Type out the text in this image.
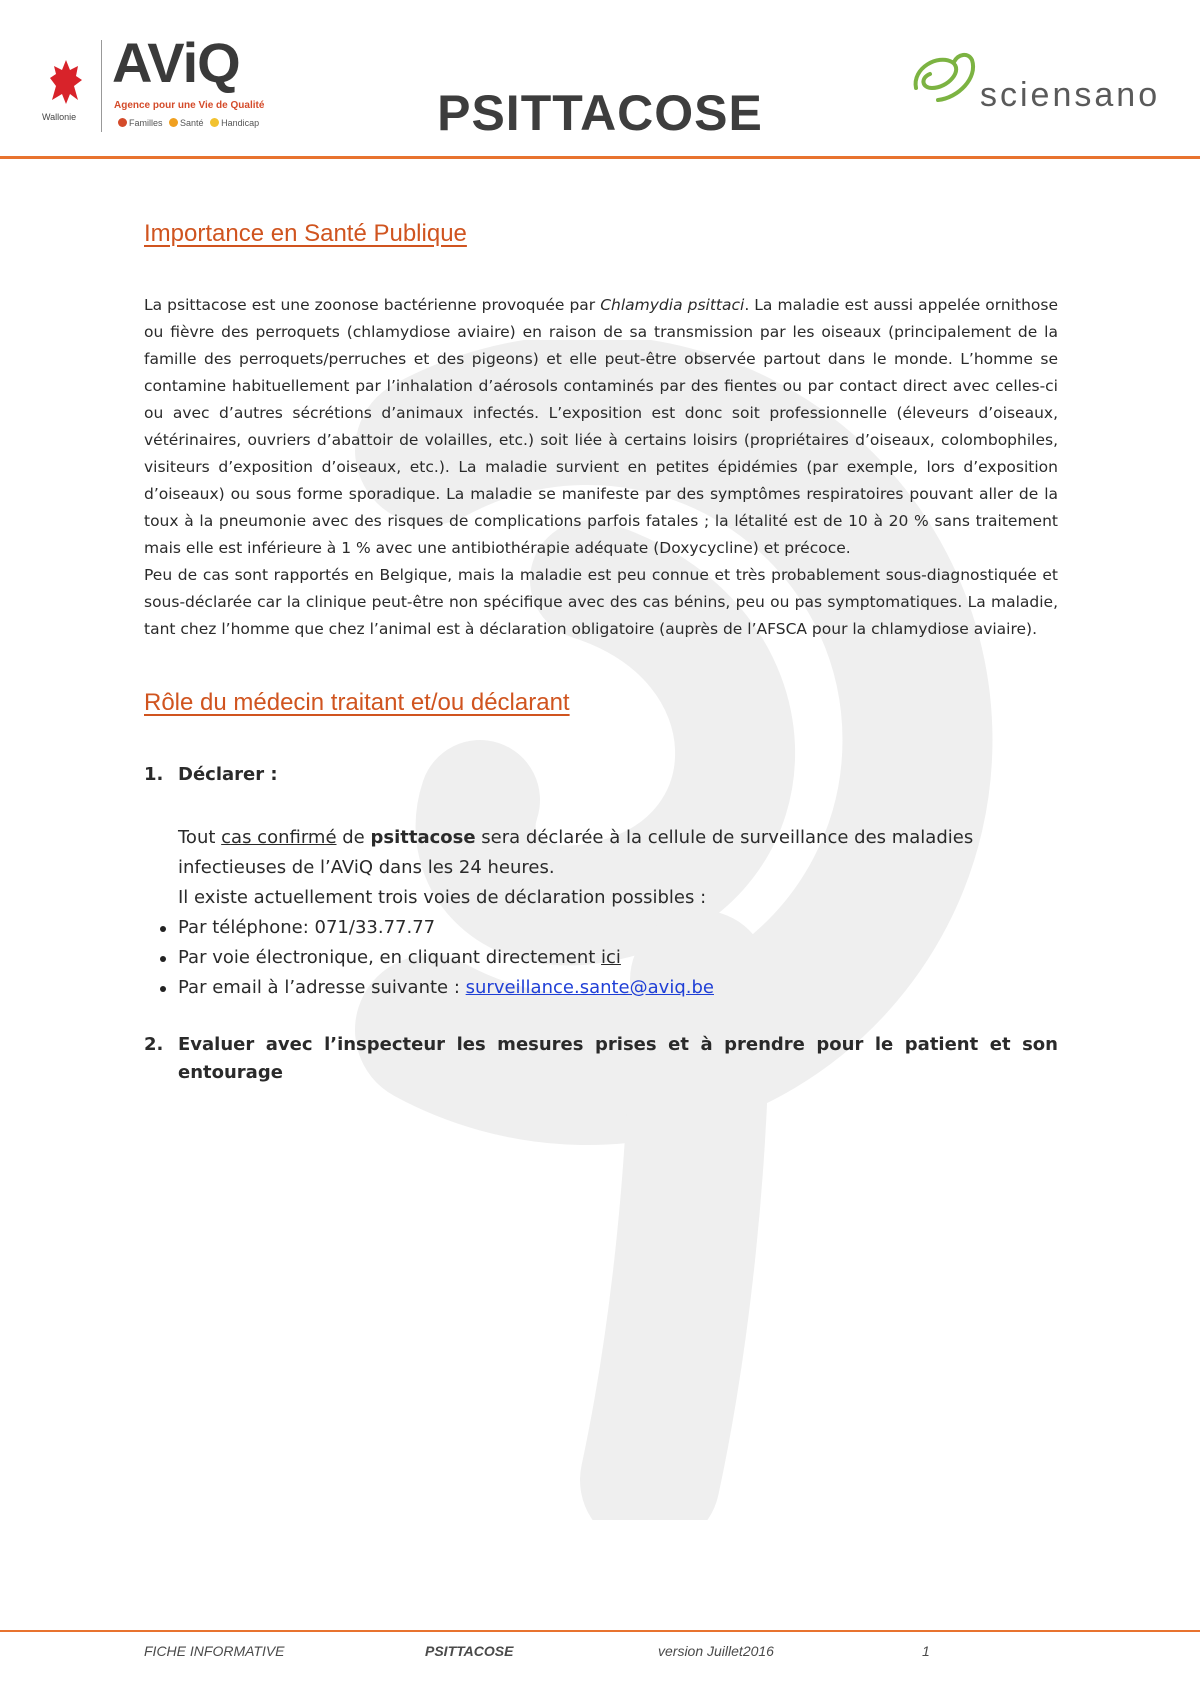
Wallonie
AViQ
Agence pour une Vie de Qualité
Familles Santé Handicap	PSITTACOSE	sciensano
Importance en Santé Publique

La psittacose est une zoonose bactérienne provoquée par Chlamydia psittaci. La maladie est aussi appelée ornithose ou fièvre des perroquets (chlamydiose aviaire) en raison de sa transmission par les oiseaux (principalement de la famille des perroquets/perruches et des pigeons) et elle peut-être observée partout dans le monde. L’homme se contamine habituellement par l’inhalation d’aérosols contaminés par des fientes ou par contact direct avec celles-ci ou avec d’autres sécrétions d’animaux infectés. L’exposition est donc soit professionnelle (éleveurs d’oiseaux, vétérinaires, ouvriers d’abattoir de volailles, etc.) soit liée à certains loisirs (propriétaires d’oiseaux, colombophiles, visiteurs d’exposition d’oiseaux, etc.). La maladie survient en petites épidémies (par exemple, lors d’exposition d’oiseaux) ou sous forme sporadique. La maladie se manifeste par des symptômes respiratoires pouvant aller de la toux à la pneumonie avec des risques de complications parfois fatales ; la létalité est de 10 à 20 % sans traitement mais elle est inférieure à 1 % avec une antibiothérapie adéquate (Doxycycline) et précoce.

Peu de cas sont rapportés en Belgique, mais la maladie est peu connue et très probablement sous-diagnostiquée et sous-déclarée car la clinique peut-être non spécifique avec des cas bénins, peu ou pas symptomatiques. La maladie, tant chez l’homme que chez l’animal est à déclaration obligatoire (auprès de l’AFSCA pour la chlamydiose aviaire).

Rôle du médecin traitant et/ou déclarant
1. Déclarer :

Tout cas confirmé de psittacose sera déclarée à la cellule de surveillance des maladies infectieuses de l’AViQ dans les 24 heures.

Il existe actuellement trois voies de déclaration possibles :

Par téléphone: 071/33.77.77
Par voie électronique, en cliquant directement ici
Par email à l’adresse suivante : surveillance.sante@aviq.be
2. Evaluer avec l’inspecteur les mesures prises et à prendre pour le patient et son entourage
FICHE INFORMATIVE	PSITTACOSE	version Juillet2016	1
